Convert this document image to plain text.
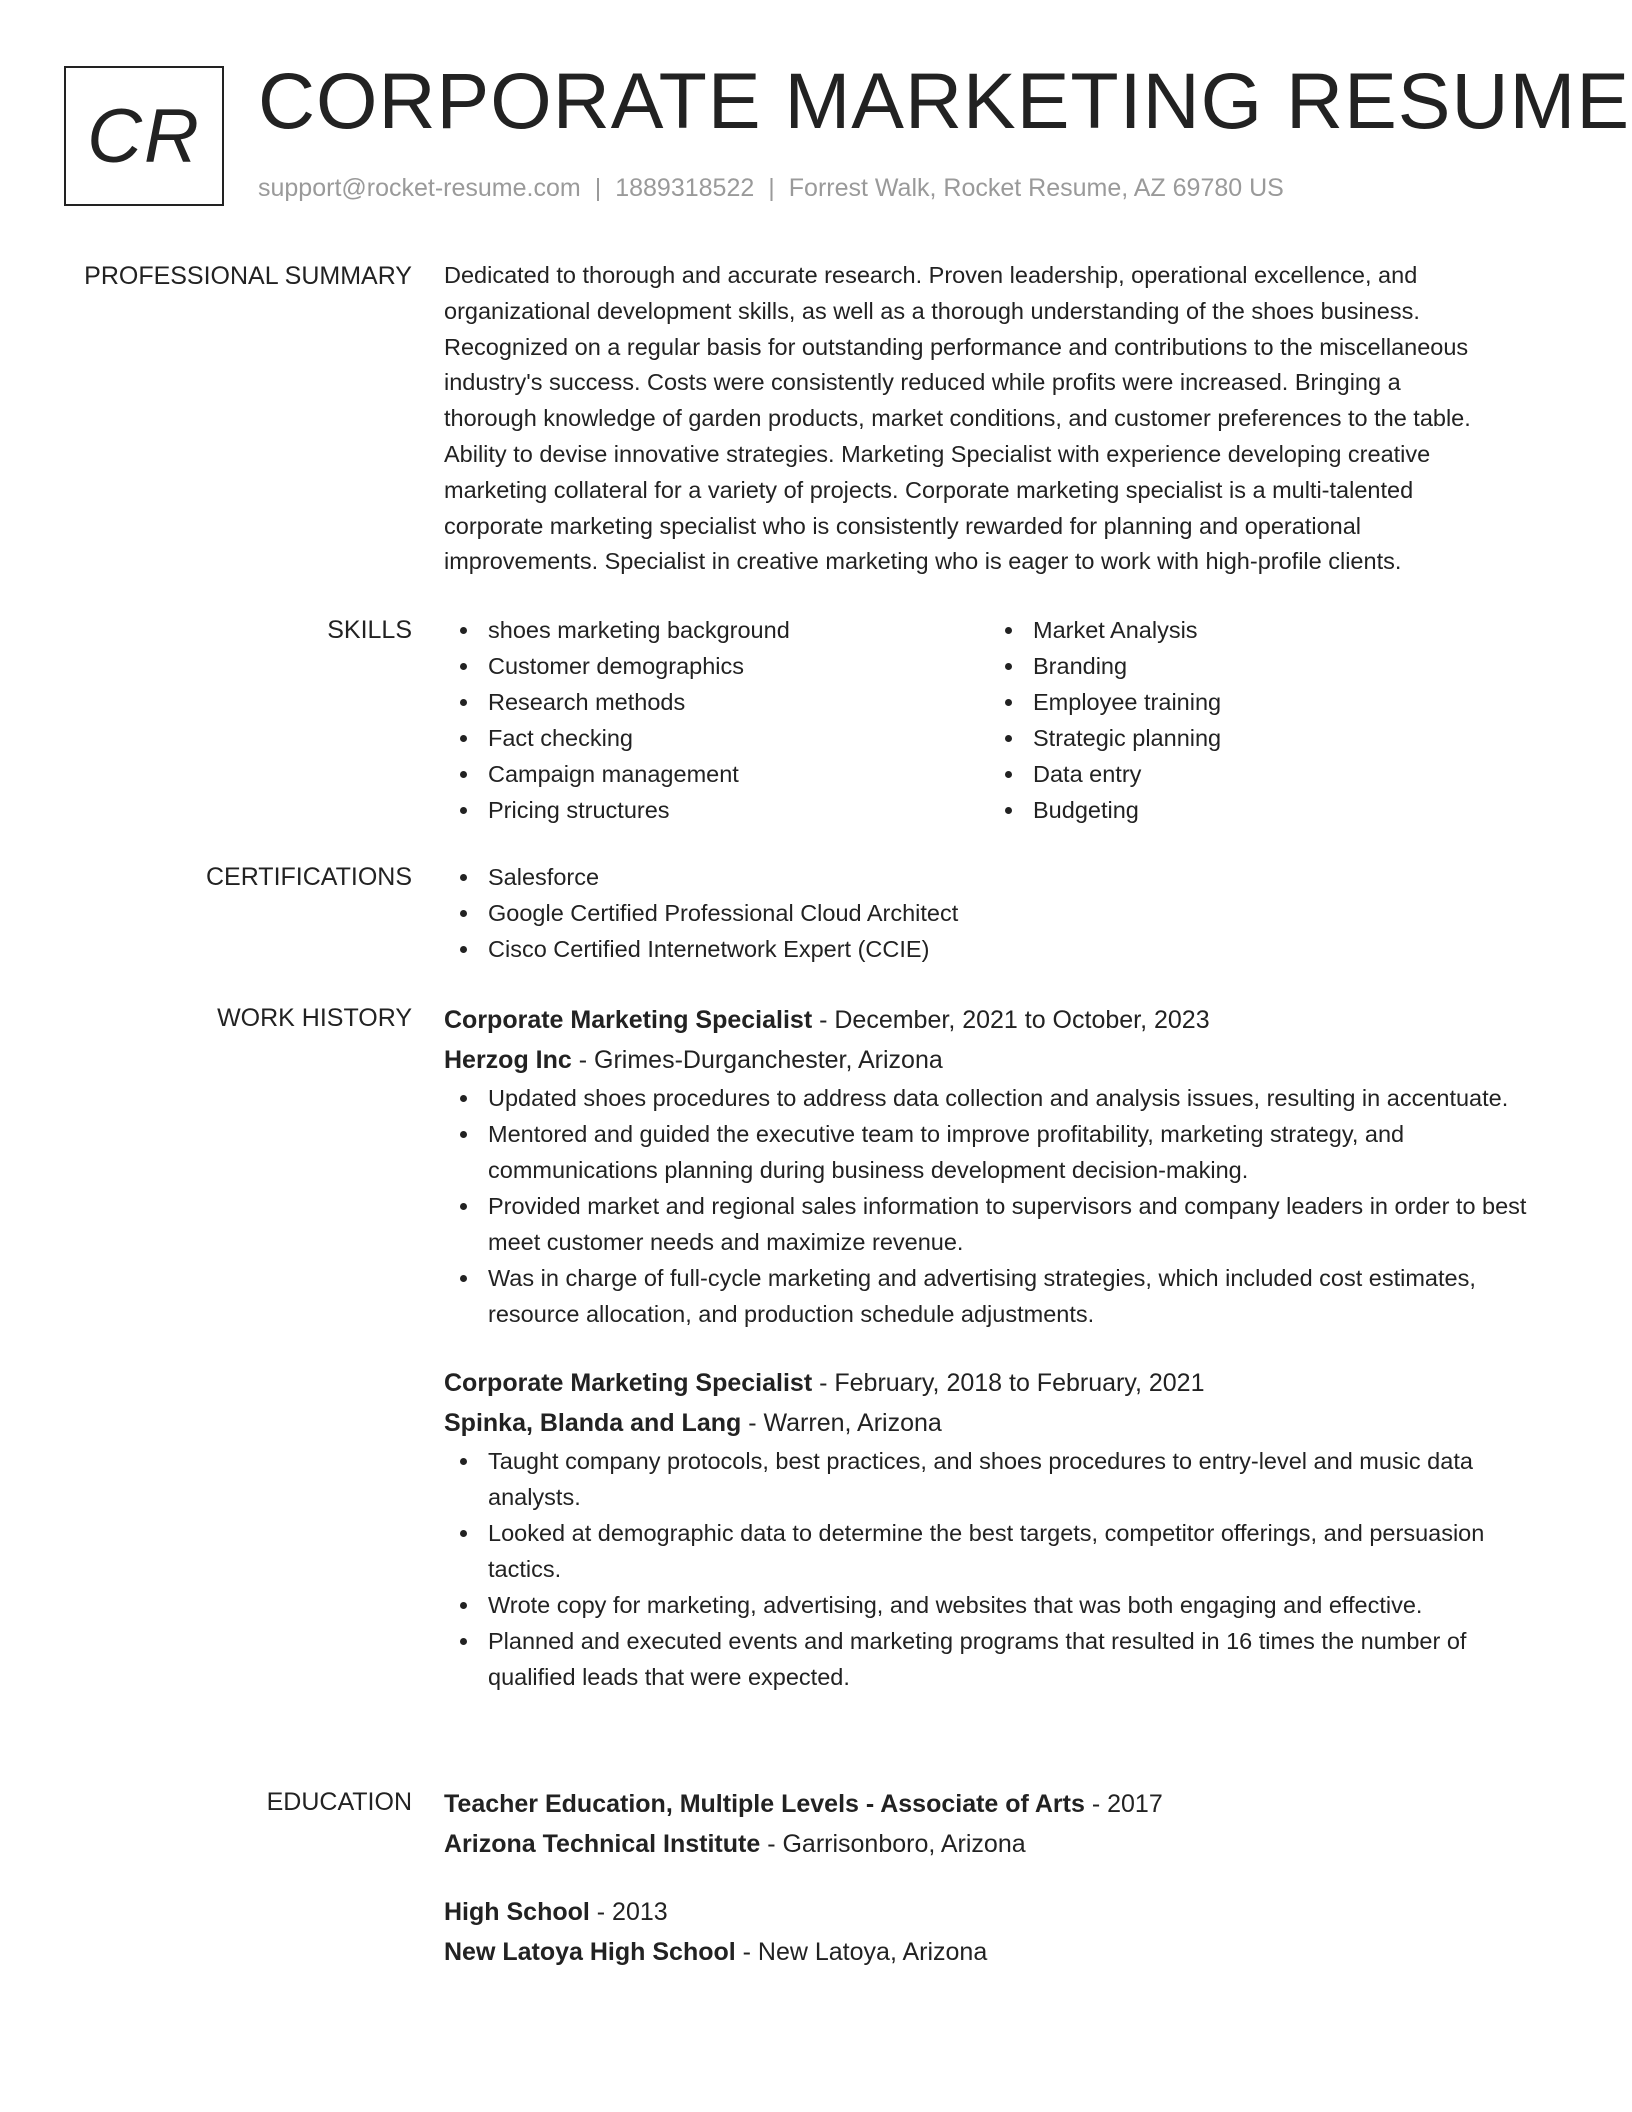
CR CORPORATE MARKETING RESUME
support@rocket-resume.com | 1889318522 | Forrest Walk, Rocket Resume, AZ 69780 US
PROFESSIONAL SUMMARY Dedicated to thorough and accurate research. Proven leadership, operational excellence, and

organizational development skills, as well as a thorough understanding of the shoes business.

Recognized on a regular basis for outstanding performance and contributions to the miscellaneous

industry's success. Costs were consistently reduced while profits were increased. Bringing a

thorough knowledge of garden products, market conditions, and customer preferences to the table.

Ability to devise innovative strategies. Marketing Specialist with experience developing creative

marketing collateral for a variety of projects. Corporate marketing specialist is a multi-talented

corporate marketing specialist who is consistently rewarded for planning and operational

improvements. Specialist in creative marketing who is eager to work with high-profile clients.

SKILLS	shoes marketing background
Customer demographics
Research methods
Fact checking
Campaign management
Pricing structures
Market Analysis
Branding
Employee training
Strategic planning
Data entry
Budgeting
CERTIFICATIONS	Salesforce
Google Certified Professional Cloud Architect
Cisco Certified Internetwork Expert (CCIE)
WORK HISTORY Corporate Marketing Specialist - December, 2021 to October, 2023
Herzog Inc - Grimes-Durganchester, Arizona
Updated shoes procedures to address data collection and analysis issues, resulting in accentuate.
Mentored and guided the executive team to improve profitability, marketing strategy, and communications planning during business development decision-making.
Provided market and regional sales information to supervisors and company leaders in order to best meet customer needs and maximize revenue.
Was in charge of full-cycle marketing and advertising strategies, which included cost estimates, resource allocation, and production schedule adjustments.
Corporate Marketing Specialist - February, 2018 to February, 2021
Spinka, Blanda and Lang - Warren, Arizona
Taught company protocols, best practices, and shoes procedures to entry-level and music data analysts.
Looked at demographic data to determine the best targets, competitor offerings, and persuasion tactics.
Wrote copy for marketing, advertising, and websites that was both engaging and effective.
Planned and executed events and marketing programs that resulted in 16 times the number of qualified leads that were expected.
EDUCATION Teacher Education, Multiple Levels - Associate of Arts - 2017
Arizona Technical Institute - Garrisonboro, Arizona
High School - 2013
New Latoya High School - New Latoya, Arizona
